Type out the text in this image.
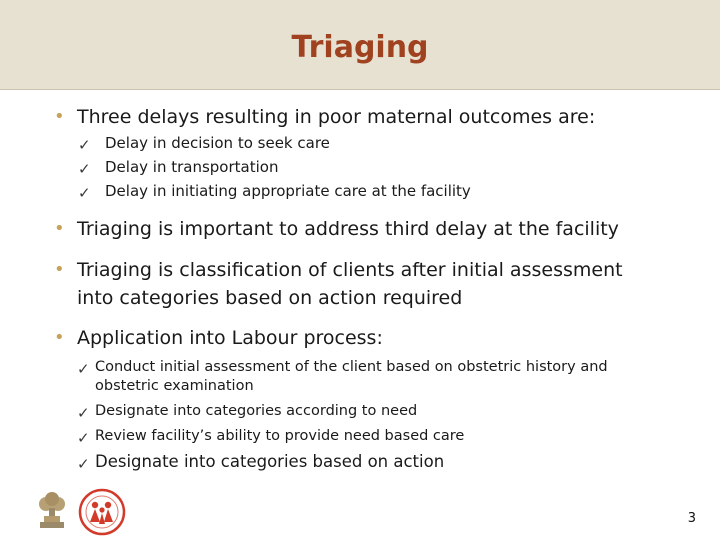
Triaging
• Three delays resulting in poor maternal outcomes are:
✓ Delay in decision to seek care
✓ Delay in transportation
✓ Delay in initiating appropriate care at the facility
• Triaging is important to address third delay at the facility
• Triaging is classification of clients after initial assessment
into categories based on action required
• Application into Labour process:
✓ Conduct initial assessment of the client based on obstetric history and
obstetric examination
✓ Designate into categories according to need
✓ Review facility’s ability to provide need based care
✓ Designate into categories based on action
3
